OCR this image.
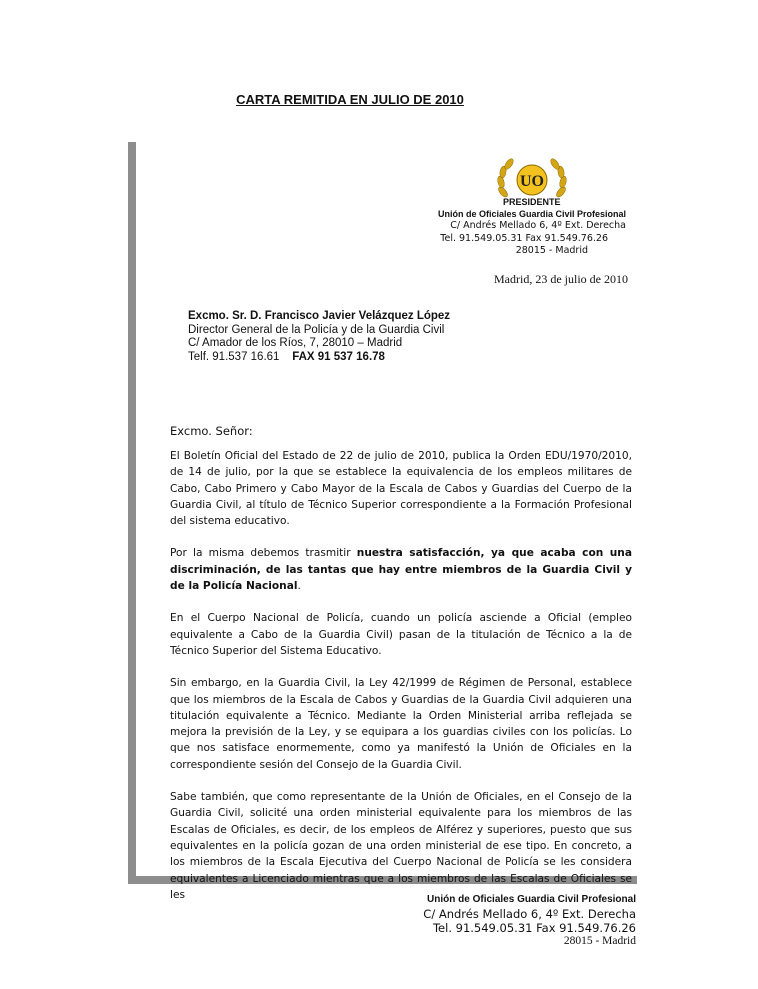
CARTA REMITIDA EN JULIO DE 2010
UO
PRESIDENTE
Unión de Oficiales Guardia Civil Profesional
C/ Andrés Mellado 6, 4º Ext. Derecha
Tel. 91.549.05.31 Fax 91.549.76.26
28015 - Madrid
Madrid, 23 de julio de 2010
Excmo. Sr. D. Francisco Javier Velázquez López
Director General de la Policía y de la Guardia Civil
C/ Amador de los Ríos, 7, 28010 – Madrid
Telf. 91.537 16.61 FAX 91 537 16.78
Excmo. Señor:

El Boletín Oficial del Estado de 22 de julio de 2010, publica la Orden EDU/1970/2010, de 14 de julio, por la que se establece la equivalencia de los empleos militares de Cabo, Cabo Primero y Cabo Mayor de la Escala de Cabos y Guardias del Cuerpo de la Guardia Civil, al título de Técnico Superior correspondiente a la Formación Profesional del sistema educativo.

Por la misma debemos trasmitir nuestra satisfacción, ya que acaba con una discriminación, de las tantas que hay entre miembros de la Guardia Civil y de la Policía Nacional.

En el Cuerpo Nacional de Policía, cuando un policía asciende a Oficial (empleo equivalente a Cabo de la Guardia Civil) pasan de la titulación de Técnico a la de Técnico Superior del Sistema Educativo.

Sin embargo, en la Guardia Civil, la Ley 42/1999 de Régimen de Personal, establece que los miembros de la Escala de Cabos y Guardias de la Guardia Civil adquieren una titulación equivalente a Técnico. Mediante la Orden Ministerial arriba reflejada se mejora la previsión de la Ley, y se equipara a los guardias civiles con los policías. Lo que nos satisface enormemente, como ya manifestó la Unión de Oficiales en la correspondiente sesión del Consejo de la Guardia Civil.

Sabe también, que como representante de la Unión de Oficiales, en el Consejo de la Guardia Civil, solicité una orden ministerial equivalente para los miembros de las Escalas de Oficiales, es decir, de los empleos de Alférez y superiores, puesto que sus equivalentes en la policía gozan de una orden ministerial de ese tipo. En concreto, a los miembros de la Escala Ejecutiva del Cuerpo Nacional de Policía se les considera equivalentes a Licenciado mientras que a los miembros de las Escalas de Oficiales se les	Unión de Oficiales Guardia Civil Profesional
C/ Andrés Mellado 6, 4º Ext. Derecha
Tel. 91.549.05.31 Fax 91.549.76.26
28015 - Madrid
